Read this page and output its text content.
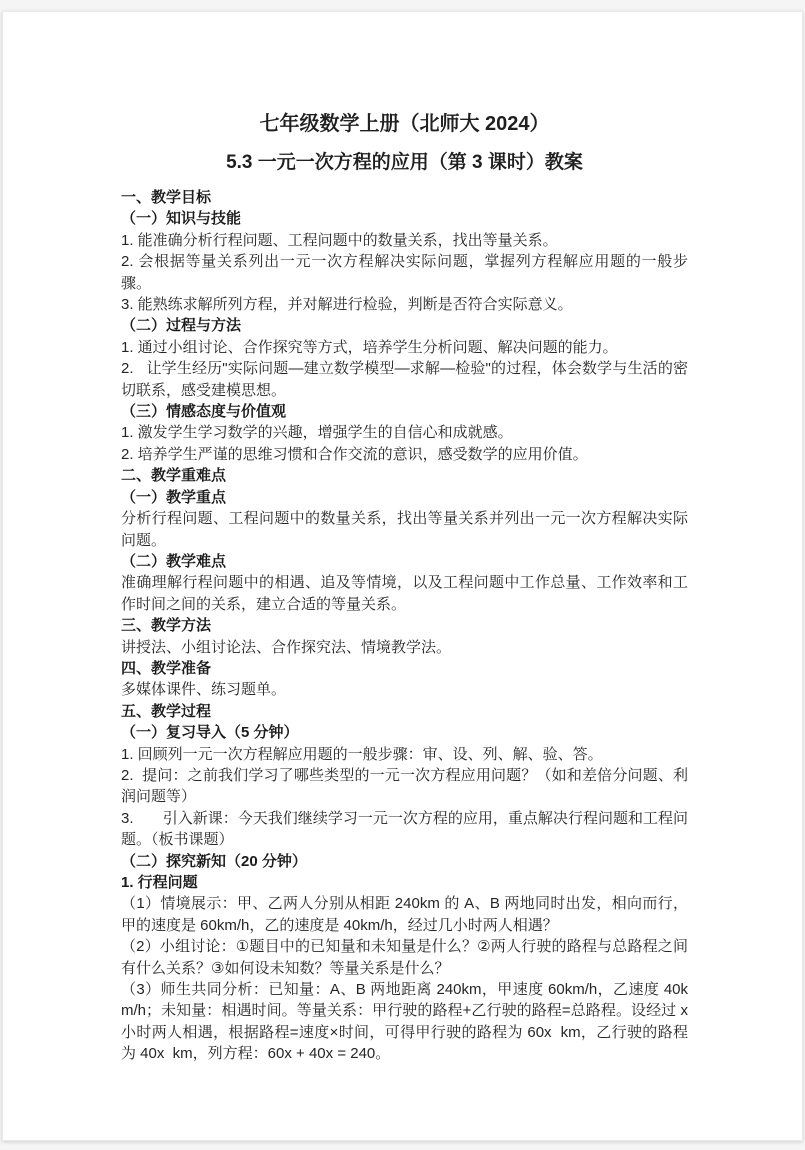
七年级数学上册（北师大 2024）
5.3 一元一次方程的应用（第 3 课时）教案

一、教学目标

（一）知识与技能

1. 能准确分析行程问题、工程问题中的数量关系，找出等量关系。

2. 会根据等量关系列出一元一次方程解决实际问题，掌握列方程解应用题的一般步骤。

3. 能熟练求解所列方程，并对解进行检验，判断是否符合实际意义。

（二）过程与方法

1. 通过小组讨论、合作探究等方式，培养学生分析问题、解决问题的能力。

2.   让学生经历"实际问题—建立数学模型—求解—检验"的过程，体会数学与生活的密切联系，感受建模思想。

（三）情感态度与价值观

1. 激发学生学习数学的兴趣，增强学生的自信心和成就感。

2. 培养学生严谨的思维习惯和合作交流的意识，感受数学的应用价值。

二、教学重难点

（一）教学重点

分析行程问题、工程问题中的数量关系，找出等量关系并列出一元一次方程解决实际问题。

（二）教学难点

准确理解行程问题中的相遇、追及等情境，以及工程问题中工作总量、工作效率和工作时间之间的关系，建立合适的等量关系。

三、教学方法

讲授法、小组讨论法、合作探究法、情境教学法。

四、教学准备

多媒体课件、练习题单。

五、教学过程

（一）复习导入（5 分钟）

1. 回顾列一元一次方程解应用题的一般步骤：审、设、列、解、验、答。

2.  提问：之前我们学习了哪些类型的一元一次方程应用问题？（如和差倍分问题、利润问题等）

3.       引入新课：今天我们继续学习一元一次方程的应用，重点解决行程问题和工程问题。（板书课题）

（二）探究新知（20 分钟）

1. 行程问题

（1）情境展示：甲、乙两人分别从相距 240km 的 A、B 两地同时出发，相向而行，甲的速度是 60km/h，乙的速度是 40km/h，经过几小时两人相遇？

（2）小组讨论：①题目中的已知量和未知量是什么？②两人行驶的路程与总路程之间有什么关系？③如何设未知数？等量关系是什么？

（3）师生共同分析：已知量：A、B 两地距离 240km，甲速度 60km/h，乙速度 40km/h；未知量：相遇时间。等量关系：甲行驶的路程+乙行驶的路程=总路程。设经过 x 小时两人相遇，根据路程=速度×时间，可得甲行驶的路程为 60x  km，乙行驶的路程为 40x  km，列方程：60x + 40x = 240。
